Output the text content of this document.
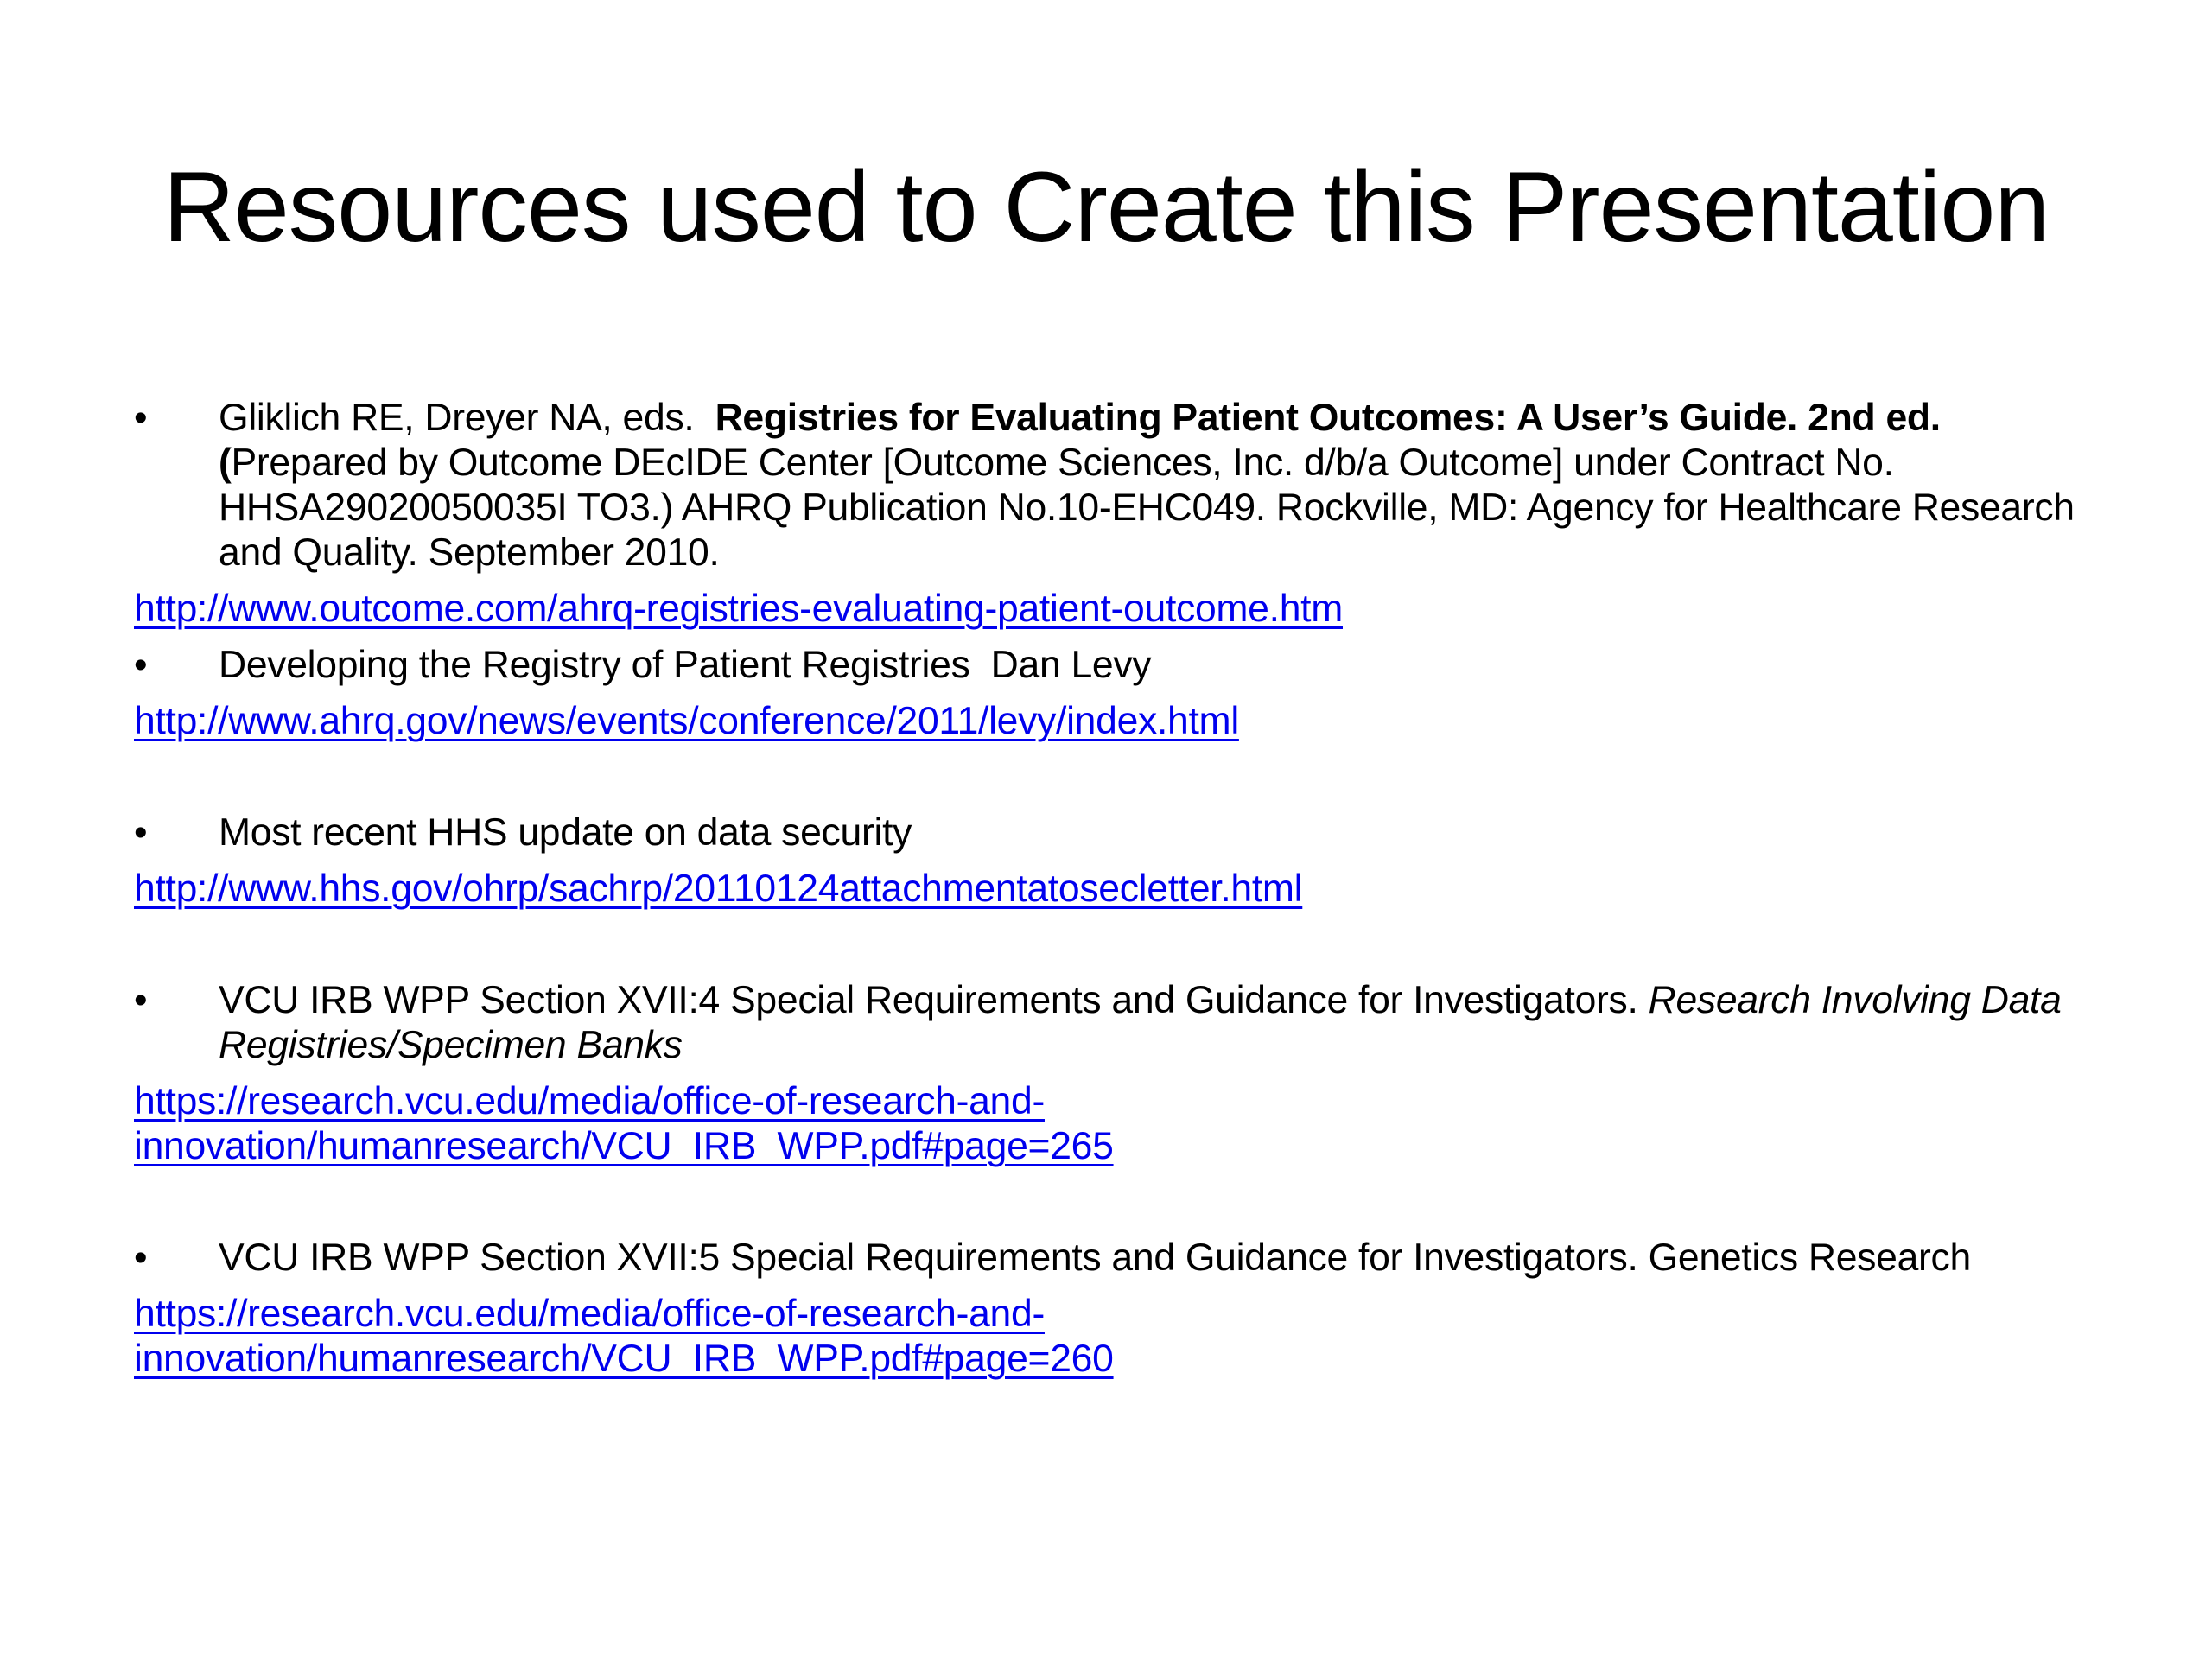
Resources used to Create this Presentation
•	Gliklich RE, Dreyer NA, eds.  Registries for Evaluating Patient Outcomes: A User’s Guide. 2nd ed.(Prepared by Outcome DEcIDE Center [Outcome Sciences, Inc. d/b/a Outcome] under Contract No. HHSA29020050035I TO3.) AHRQ Publication No.10-EHC049. Rockville, MD: Agency for Healthcare Research and Quality. September 2010.
http://www.outcome.com/ahrq-registries-evaluating-patient-outcome.htm
•	Developing the Registry of Patient Registries  Dan Levy
http://www.ahrq.gov/news/events/conference/2011/levy/index.html
•	Most recent HHS update on data security
http://www.hhs.gov/ohrp/sachrp/20110124attachmentatosecletter.html
•	VCU IRB WPP Section XVII:4 Special Requirements and Guidance for Investigators. Research Involving Data Registries/Specimen Banks
https://research.vcu.edu/media/office-of-research-and-
innovation/humanresearch/VCU_IRB_WPP.pdf#page=265
•	VCU IRB WPP Section XVII:5 Special Requirements and Guidance for Investigators. Genetics Research
https://research.vcu.edu/media/office-of-research-and-
innovation/humanresearch/VCU_IRB_WPP.pdf#page=260
